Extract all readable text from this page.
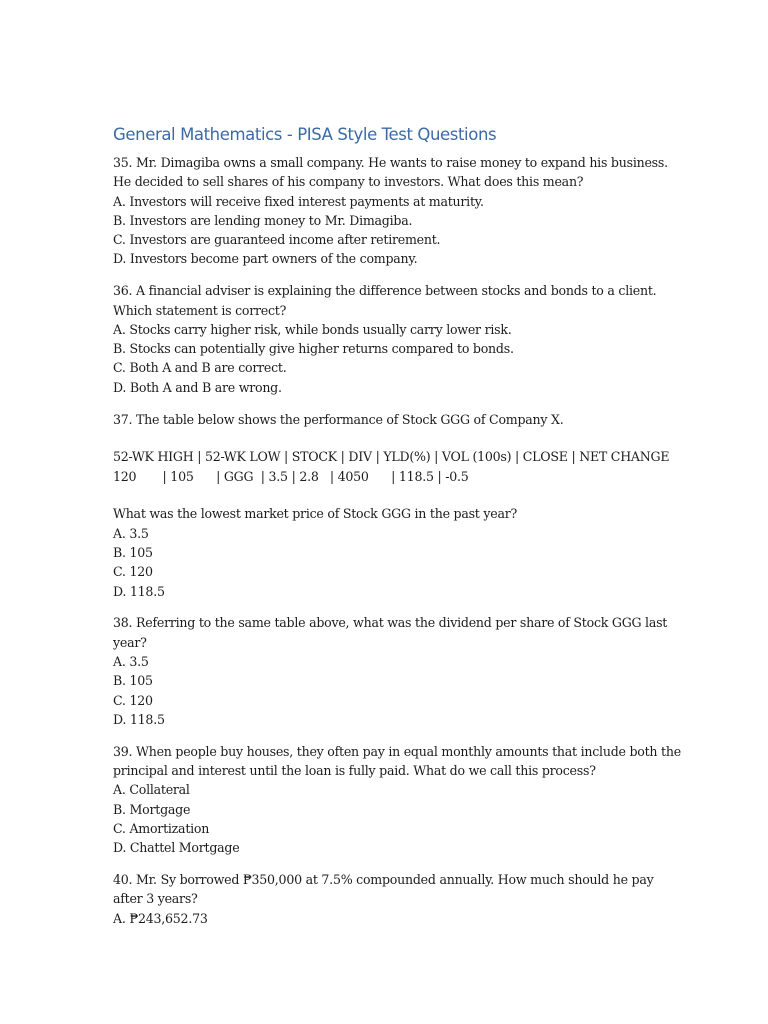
General Mathematics - PISA Style Test Questions
35. Mr. Dimagiba owns a small company. He wants to raise money to expand his business.
He decided to sell shares of his company to investors. What does this mean?
A. Investors will receive fixed interest payments at maturity.
B. Investors are lending money to Mr. Dimagiba.
C. Investors are guaranteed income after retirement.
D. Investors become part owners of the company.
36. A financial adviser is explaining the difference between stocks and bonds to a client.
Which statement is correct?
A. Stocks carry higher risk, while bonds usually carry lower risk.
B. Stocks can potentially give higher returns compared to bonds.
C. Both A and B are correct.
D. Both A and B are wrong.
37. The table below shows the performance of Stock GGG of Company X.
52-WK HIGH | 52-WK LOW | STOCK | DIV | YLD(%) | VOL (100s) | CLOSE | NET CHANGE
120       | 105      | GGG  | 3.5 | 2.8   | 4050      | 118.5 | -0.5
What was the lowest market price of Stock GGG in the past year?
A. 3.5
B. 105
C. 120
D. 118.5
38. Referring to the same table above, what was the dividend per share of Stock GGG last
year?
A. 3.5
B. 105
C. 120
D. 118.5
39. When people buy houses, they often pay in equal monthly amounts that include both the
principal and interest until the loan is fully paid. What do we call this process?
A. Collateral
B. Mortgage
C. Amortization
D. Chattel Mortgage
40. Mr. Sy borrowed ₱350,000 at 7.5% compounded annually. How much should he pay
after 3 years?
A. ₱243,652.73
